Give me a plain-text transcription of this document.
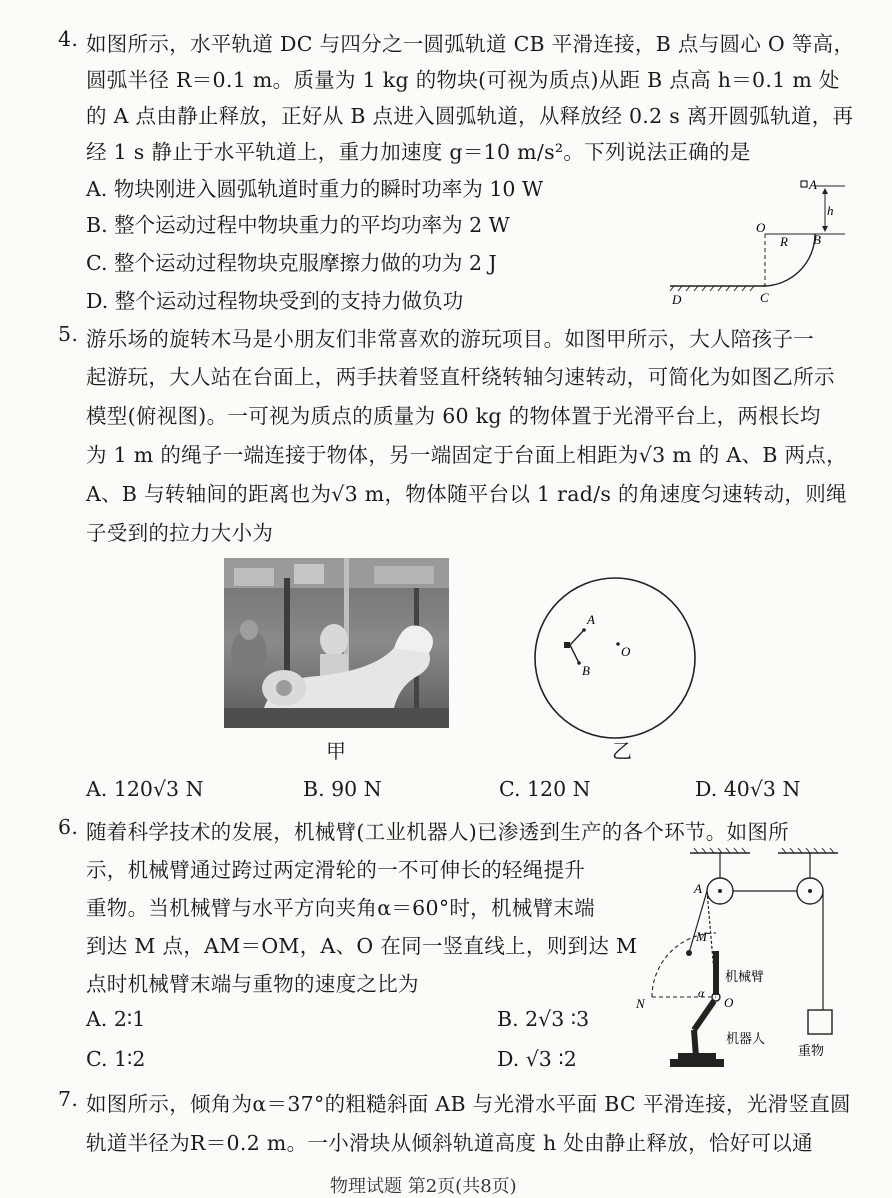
4. 如图所示，水平轨道 DC 与四分之一圆弧轨道 CB 平滑连接，B 点与圆心 O 等高，
圆弧半径 R＝0.1 m。质量为 1 kg 的物块(可视为质点)从距 B 点高 h＝0.1 m 处
的 A 点由静止释放，正好从 B 点进入圆弧轨道，从释放经 0.2 s 离开圆弧轨道，再
经 1 s 静止于水平轨道上，重力加速度 g＝10 m/s²。下列说法正确的是
A. 物块刚进入圆弧轨道时重力的瞬时功率为 10 W
B. 整个运动过程中物块重力的平均功率为 2 W
C. 整个运动过程物块克服摩擦力做的功为 2 J
D. 整个运动过程物块受到的支持力做负功
A
h
O
R B
D	C
5. 游乐场的旋转木马是小朋友们非常喜欢的游玩项目。如图甲所示，大人陪孩子一
起游玩，大人站在台面上，两手扶着竖直杆绕转轴匀速转动，可简化为如图乙所示
模型(俯视图)。一可视为质点的质量为 60 kg 的物体置于光滑平台上，两根长均
为 1 m 的绳子一端连接于物体，另一端固定于台面上相距为√3 m 的 A、B 两点，
A、B 与转轴间的距离也为√3 m，物体随平台以 1 rad/s 的角速度匀速转动，则绳
子受到的拉力大小为
甲
A
B
O
乙
A. 120√3 N	B. 90 N	C. 120 N	D. 40√3 N
6. 随着科学技术的发展，机械臂(工业机器人)已渗透到生产的各个环节。如图所
示，机械臂通过跨过两定滑轮的一不可伸长的轻绳提升
重物。当机械臂与水平方向夹角α＝60°时，机械臂末端
到达 M 点，AM＝OM，A、O 在同一竖直线上，则到达 M
点时机械臂末端与重物的速度之比为
A. 2∶1	B. 2√3 ∶3
C. 1∶2	D. √3 ∶2	重物
A
M
N
机械臂
α
O
机器人
7. 如图所示，倾角为α＝37°的粗糙斜面 AB 与光滑水平面 BC 平滑连接，光滑竖直圆
轨道半径为R＝0.2 m。一小滑块从倾斜轨道高度 h 处由静止释放，恰好可以通
物理试题 第2页(共8页)
